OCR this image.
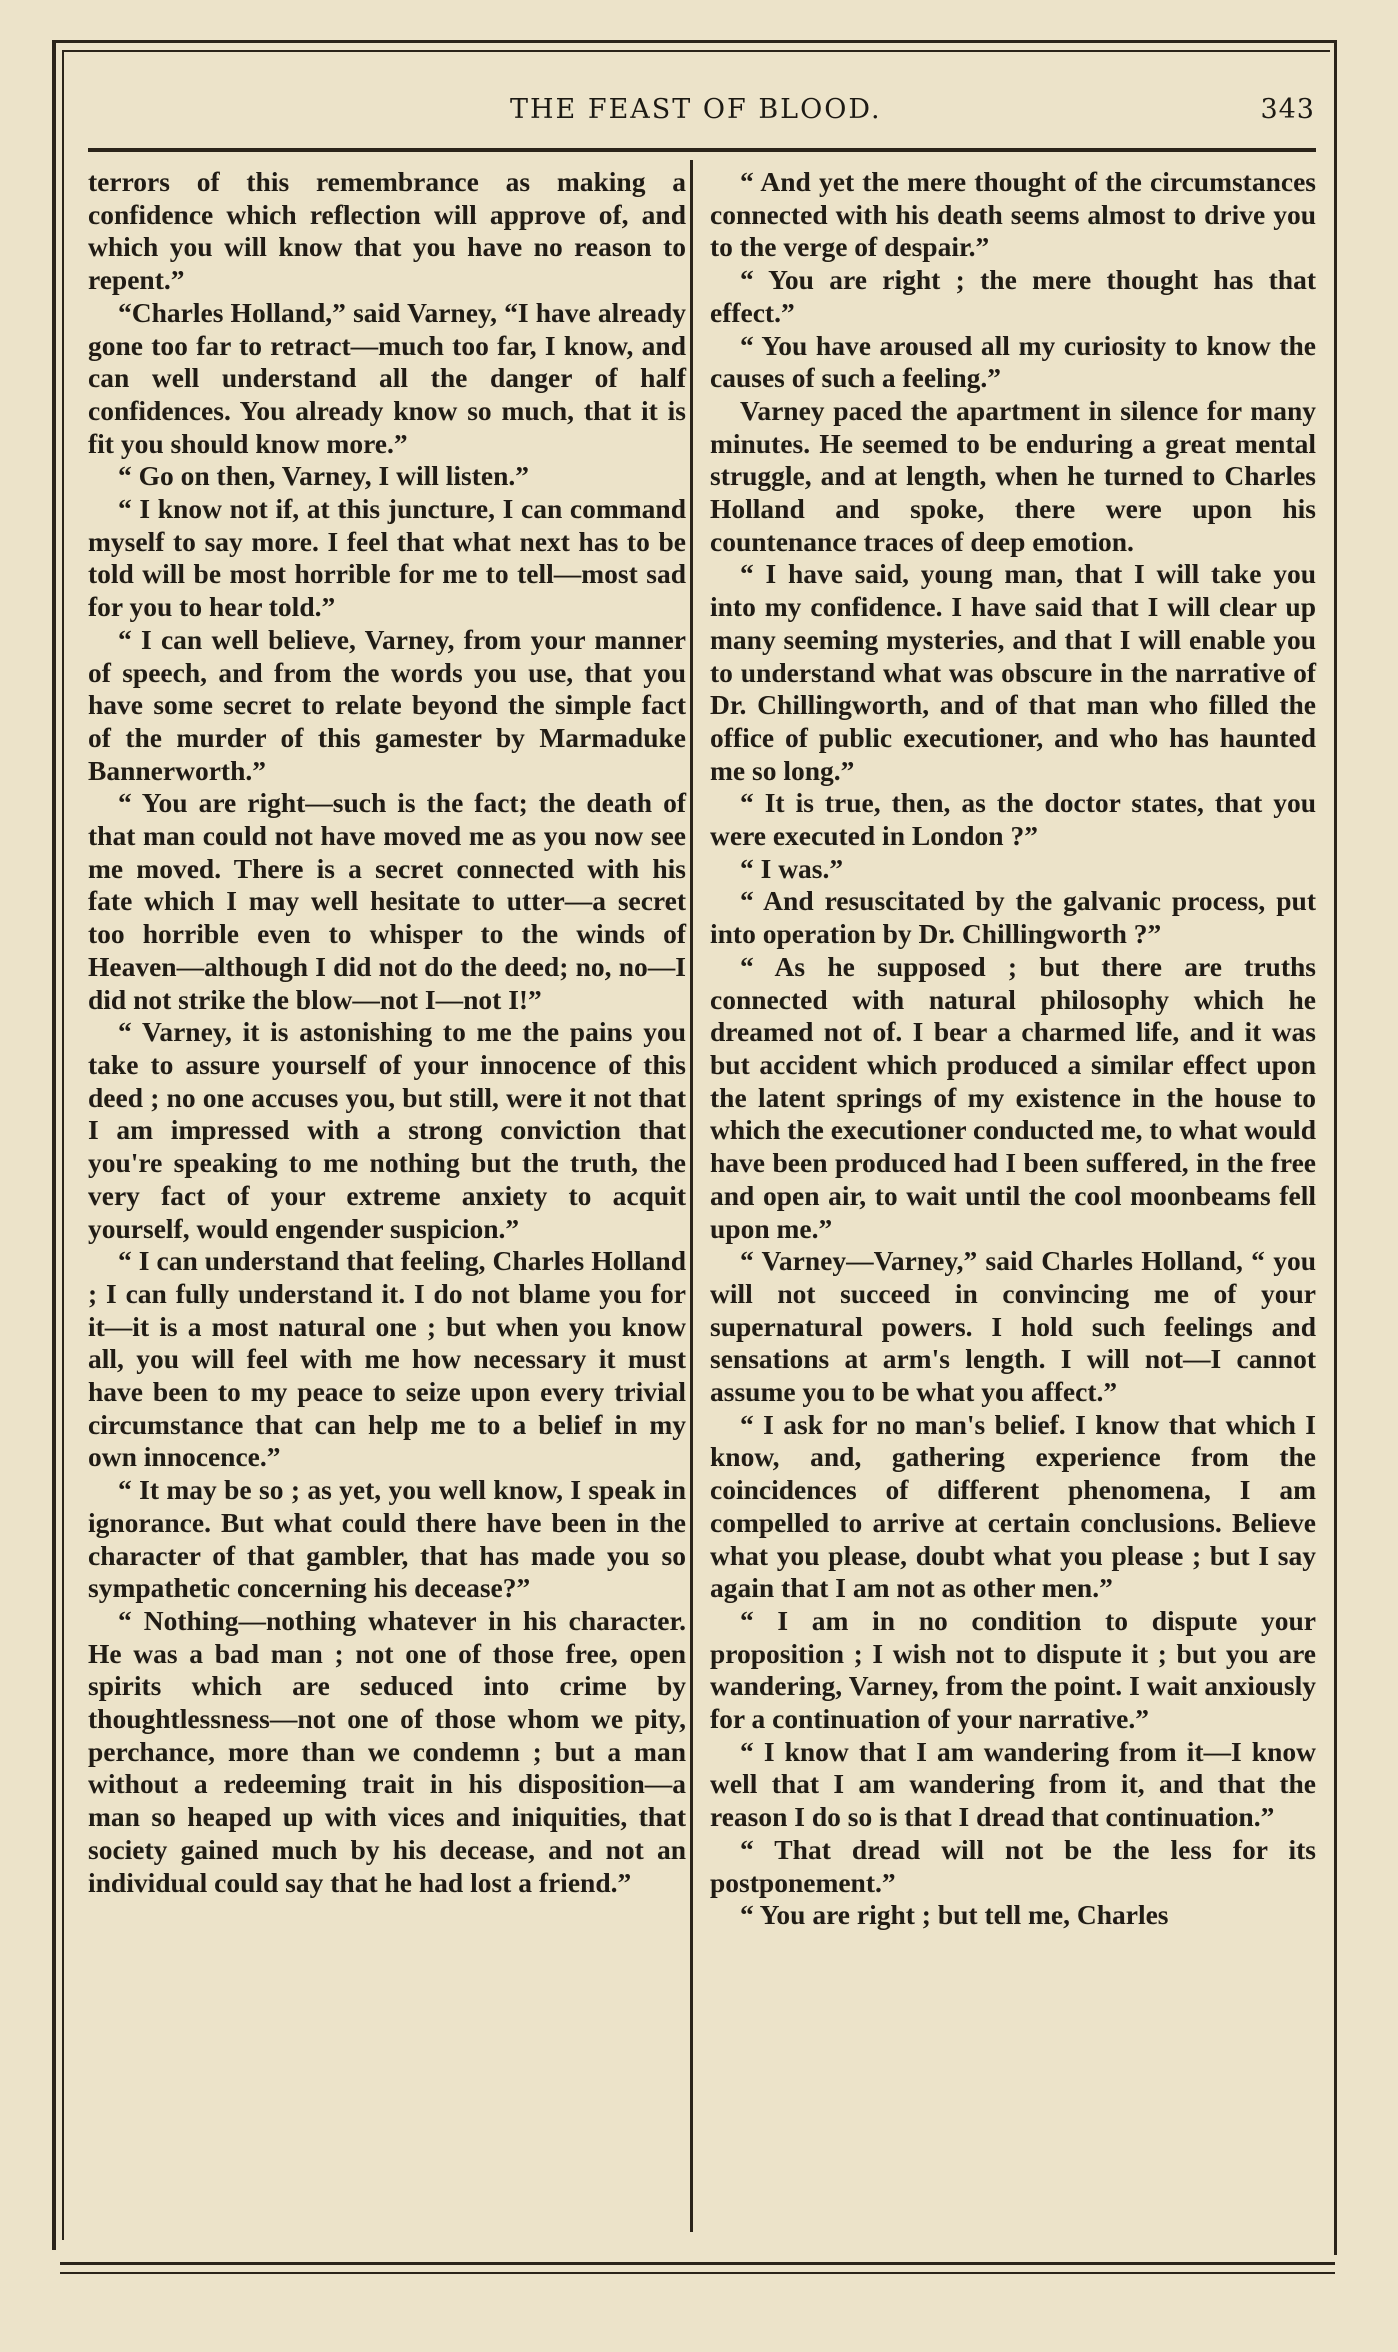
THE FEAST OF BLOOD.	343

terrors of this remembrance as making a confidence which reflection will approve of, and which you will know that you have no reason to repent.”

“Charles Holland,” said Varney, “I have already gone too far to retract—much too far, I know, and can well understand all the danger of half confidences. You already know so much, that it is fit you should know more.”

“ Go on then, Varney, I will listen.”

“ I know not if, at this juncture, I can command myself to say more. I feel that what next has to be told will be most horrible for me to tell—most sad for you to hear told.”

“ I can well believe, Varney, from your manner of speech, and from the words you use, that you have some secret to relate beyond the simple fact of the murder of this gamester by Marmaduke Bannerworth.”

“ You are right—such is the fact; the death of that man could not have moved me as you now see me moved. There is a secret connected with his fate which I may well hesitate to utter—a secret too horrible even to whisper to the winds of Heaven—although I did not do the deed; no, no—I did not strike the blow—not I—not I!”

“ Varney, it is astonishing to me the pains you take to assure yourself of your innocence of this deed ; no one accuses you, but still, were it not that I am impressed with a strong conviction that you're speaking to me nothing but the truth, the very fact of your extreme anxiety to acquit yourself, would engender suspicion.”

“ I can understand that feeling, Charles Holland ; I can fully understand it. I do not blame you for it—it is a most natural one ; but when you know all, you will feel with me how necessary it must have been to my peace to seize upon every trivial circumstance that can help me to a belief in my own innocence.”

“ It may be so ; as yet, you well know, I speak in ignorance. But what could there have been in the character of that gambler, that has made you so sympathetic concerning his decease?”

“ Nothing—nothing whatever in his character. He was a bad man ; not one of those free, open spirits which are seduced into crime by thoughtlessness—not one of those whom we pity, perchance, more than we condemn ; but a man without a redeeming trait in his disposition—a man so heaped up with vices and iniquities, that society gained much by his decease, and not an individual could say that he had lost a friend.”

“ And yet the mere thought of the circumstances connected with his death seems almost to drive you to the verge of despair.”

“ You are right ; the mere thought has that effect.”

“ You have aroused all my curiosity to know the causes of such a feeling.”

Varney paced the apartment in silence for many minutes. He seemed to be enduring a great mental struggle, and at length, when he turned to Charles Holland and spoke, there were upon his countenance traces of deep emotion.

“ I have said, young man, that I will take you into my confidence. I have said that I will clear up many seeming mysteries, and that I will enable you to understand what was obscure in the narrative of Dr. Chillingworth, and of that man who filled the office of public executioner, and who has haunted me so long.”

“ It is true, then, as the doctor states, that you were executed in London ?”

“ I was.”

“ And resuscitated by the galvanic process, put into operation by Dr. Chillingworth ?”

“ As he supposed ; but there are truths connected with natural philosophy which he dreamed not of. I bear a charmed life, and it was but accident which produced a similar effect upon the latent springs of my existence in the house to which the executioner conducted me, to what would have been produced had I been suffered, in the free and open air, to wait until the cool moonbeams fell upon me.”

“ Varney—Varney,” said Charles Holland, “ you will not succeed in convincing me of your supernatural powers. I hold such feelings and sensations at arm's length. I will not—I cannot assume you to be what you affect.”

“ I ask for no man's belief. I know that which I know, and, gathering experience from the coincidences of different phenomena, I am compelled to arrive at certain conclusions. Believe what you please, doubt what you please ; but I say again that I am not as other men.”

“ I am in no condition to dispute your proposition ; I wish not to dispute it ; but you are wandering, Varney, from the point. I wait anxiously for a continuation of your narrative.”

“ I know that I am wandering from it—I know well that I am wandering from it, and that the reason I do so is that I dread that continuation.”

“ That dread will not be the less for its postponement.”

“ You are right ; but tell me, Charles
